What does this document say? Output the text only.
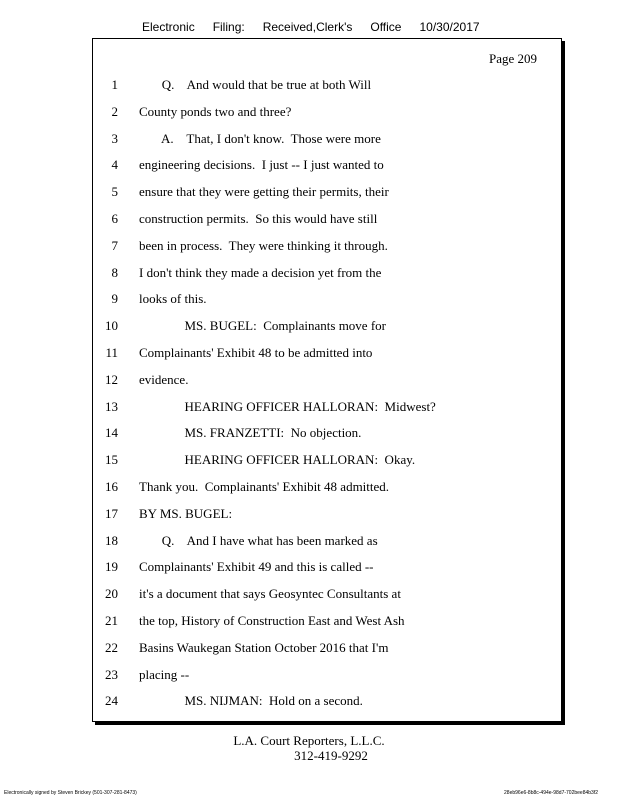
Electronic Filing: Received,Clerk's Office 10/30/2017
Page 209
1 Q.    And would that be true at both Will
2 County ponds two and three?
3 A.    That, I don't know.  Those were more
4 engineering decisions.  I just -- I just wanted to
5 ensure that they were getting their permits, their
6 construction permits.  So this would have still
7 been in process.  They were thinking it through.
8 I don't think they made a decision yet from the
9 looks of this.
10 MS. BUGEL:  Complainants move for
11 Complainants' Exhibit 48 to be admitted into
12 evidence.
13 HEARING OFFICER HALLORAN:  Midwest?
14 MS. FRANZETTI:  No objection.
15 HEARING OFFICER HALLORAN:  Okay.
16 Thank you.  Complainants' Exhibit 48 admitted.
17 BY MS. BUGEL:
18 Q.    And I have what has been marked as
19 Complainants' Exhibit 49 and this is called --
20 it's a document that says Geosyntec Consultants at
21 the top, History of Construction East and West Ash
22 Basins Waukegan Station October 2016 that I'm
23 placing --
24 MS. NIJMAN:  Hold on a second.
L.A. Court Reporters, L.L.C.
312-419-9292
Electronically signed by Steven Brickey (501-307-281-8473)	28eb96e6-8b8c-494e-98d7-702bee84b3f2
